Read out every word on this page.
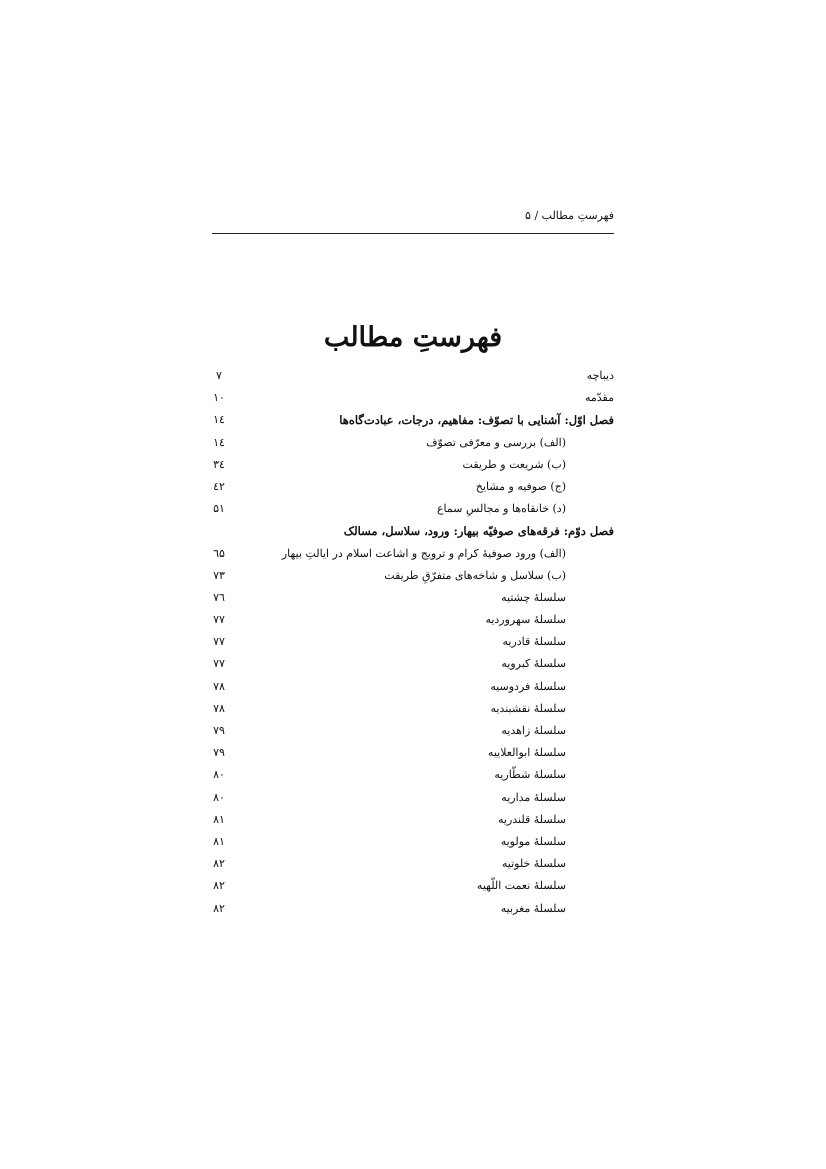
فهرستِ مطالب / ۵
فهرستِ مطالب
دیباچه
۷
مقدّمه
۱۰
فصل اوّل: آشنایی با تصوّف: مفاهیم، درجات، عبادت‌گاه‌ها
۱٤
(الف) بررسی و معرّفی تصوّف
۱٤
(ب) شریعت و طریقت
۳٤
(ج) صوفیه و مشایخ
٤۲
(د) خانقاه‌ها و مجالسِ سماع
۵۱
فصل دوّم: فرقه‌های صوفیّه بیهار: ورود، سلاسل، مسالک
(الف) ورود صوفیهٔ کرام و ترویج و اشاعت اسلام در ایالتِ بیهار
٦۵
(ب) سلاسل و شاخه‌های متفرّقِ طریقت
۷۳
سلسلهٔ چشتیه
۷٦
سلسلهٔ سهروردیه
۷۷
سلسلهٔ قادریه
۷۷
سلسلهٔ کبرویه
۷۷
سلسلهٔ فردوسیه
۷۸
سلسلهٔ نقشبندیه
۷۸
سلسلهٔ زاهدیه
۷۹
سلسلهٔ ابوالعلاییه
۷۹
سلسلهٔ شطّاریه
۸۰
سلسلهٔ مداریه
۸۰
سلسلهٔ قلندریه
۸۱
سلسلهٔ مولویه
۸۱
سلسلهٔ خلوتیه
۸۲
سلسلهٔ نعمت اللّهیه
۸۲
سلسلهٔ مغربیه
۸۲
